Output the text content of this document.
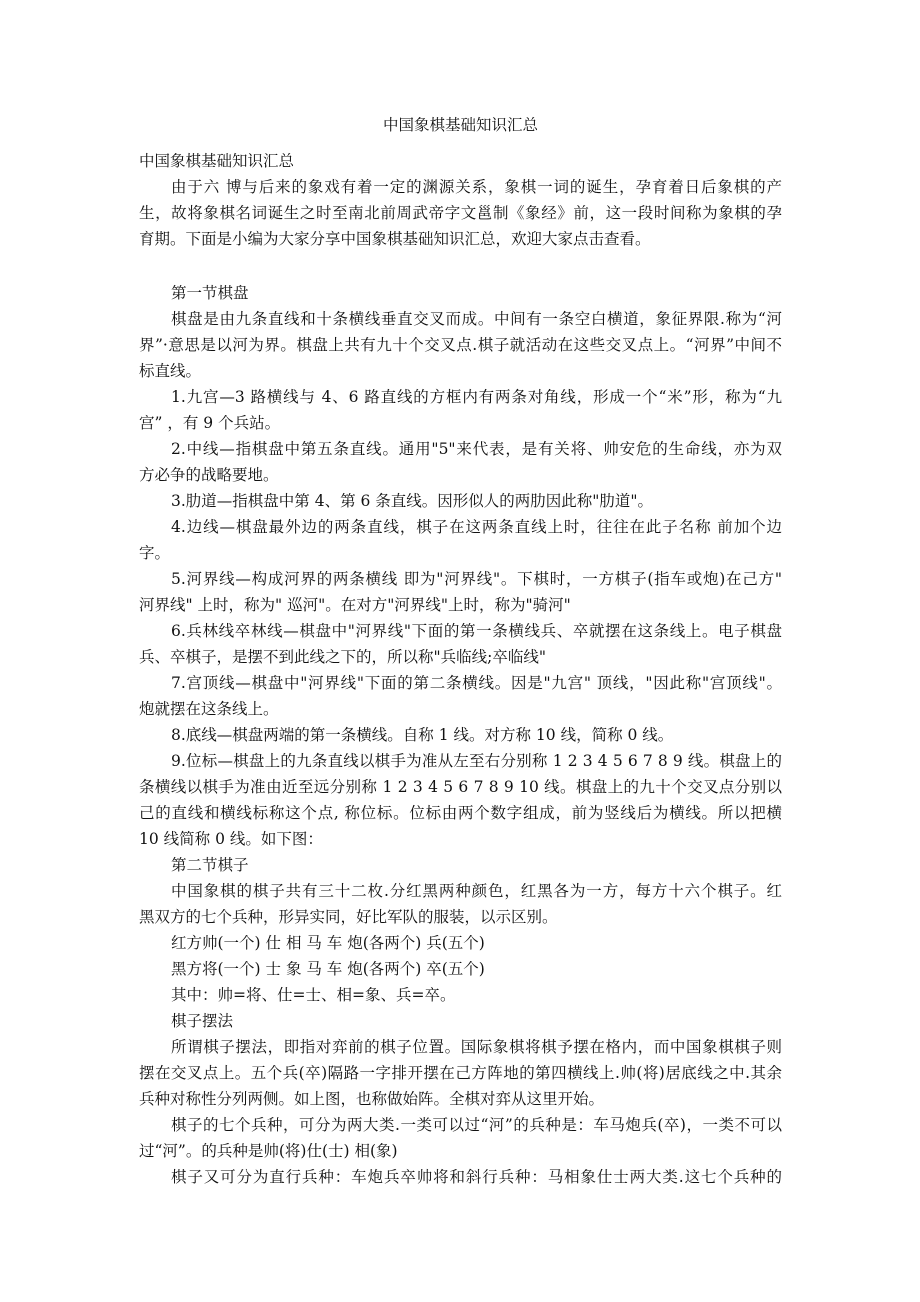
中国象棋基础知识汇总
中国象棋基础知识汇总
由于六 博与后来的象戏有着一定的渊源关系，象棋一词的诞生，孕育着日后象棋的产
生，故将象棋名词诞生之时至南北前周武帝字文邕制《象经》前，这一段时间称为象棋的孕
育期。下面是小编为大家分享中国象棋基础知识汇总，欢迎大家点击查看。
第一节棋盘
棋盘是由九条直线和十条横线垂直交叉而成。中间有一条空白横道，象征界限.称为“河
界”·意思是以河为界。棋盘上共有九十个交叉点.棋子就活动在这些交叉点上。“河界”中间不
标直线。
1.九宫—3 路横线与 4、6 路直线的方框内有两条对角线，形成一个“米”形，称为“九
宫” ，有 9 个兵站。
2.中线—指棋盘中第五条直线。通用"5"来代表，是有关将、帅安危的生命线，亦为双
方必争的战略要地。
3.肋道—指棋盘中第 4、第 6 条直线。因形似人的两肋因此称"肋道"。
4.边线—棋盘最外边的两条直线，棋子在这两条直线上时，往往在此子名称 前加个边
字。
5.河界线—构成河界的两条横线 即为"河界线"。下棋时，一方棋子(指车或炮)在己方"
河界线" 上时，称为" 巡河"。在对方"河界线"上时，称为"骑河"
6.兵林线卒林线—棋盘中"河界线"下面的第一条横线兵、卒就摆在这条线上。电子棋盘
兵、卒棋子，是摆不到此线之下的，所以称"兵临线;卒临线"
7.宫顶线—棋盘中"河界线"下面的第二条横线。因是"九宫" 顶线，"因此称"宫顶线"。
炮就摆在这条线上。
8.底线—棋盘两端的第一条横线。自称 1 线。对方称 10 线，简称 0 线。
9.位标—棋盘上的九条直线以棋手为准从左至右分别称 1 2 3 4 5 6 7 8 9 线。棋盘上的
条横线以棋手为准由近至远分别称 1 2 3 4 5 6 7 8 9 10 线。棋盘上的九十个交叉点分别以
己的直线和横线标称这个点, 称位标。位标由两个数字组成，前为竖线后为横线。所以把横
10 线简称 0 线。如下图：
第二节棋子
中国象棋的棋子共有三十二枚.分红黑两种颜色，红黑各为一方，每方十六个棋子。红
黑双方的七个兵种，形异实同，好比军队的服装，以示区别。
红方帅(一个) 仕 相 马 车 炮(各两个) 兵(五个)
黑方将(一个) 士 象 马 车 炮(各两个) 卒(五个)
其中：帅=将、仕=士、相=象、兵=卒。
棋子摆法
所谓棋子摆法，即指对弈前的棋子位置。国际象棋将棋予摆在格内，而中国象棋棋子则
摆在交叉点上。五个兵(卒)隔路一字排开摆在己方阵地的第四横线上.帅(将)居底线之中.其余
兵种对称性分列两侧。如上图，也称做始阵。全棋对弈从这里开始。
棋子的七个兵种，可分为两大类.一类可以过“河”的兵种是：车马炮兵(卒)，一类不可以
过“河”。的兵种是帅(将)仕(士) 相(象)
棋子又可分为直行兵种：车炮兵卒帅将和斜行兵种：马相象仕士两大类.这七个兵种的
